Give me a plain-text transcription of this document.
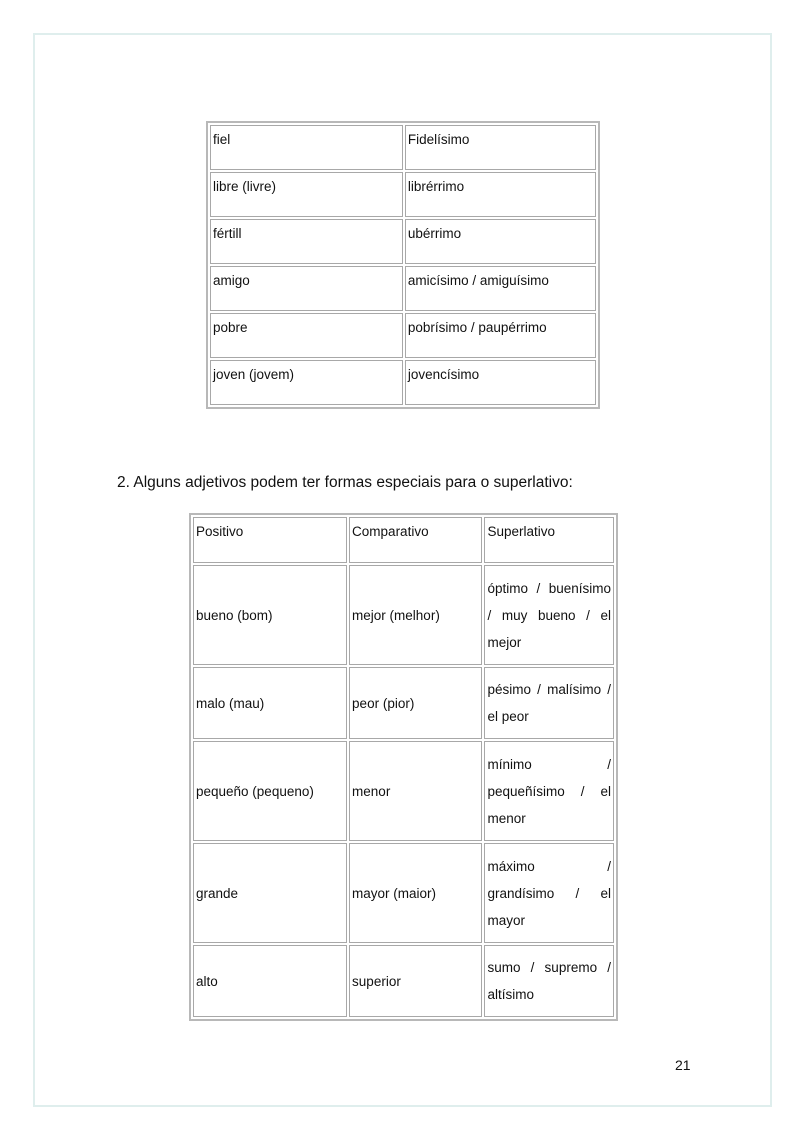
fiel	Fidelísimo
libre (livre)	librérrimo
fértill	ubérrimo
amigo	amicísimo / amiguísimo
pobre	pobrísimo / paupérrimo
joven (jovem)	jovencísimo

2. Alguns adjetivos podem ter formas especiais para o superlativo:

Positivo	Comparativo	Superlativo
bueno (bom)	mejor (melhor)	óptimo / buenísimo
/ muy bueno / el
mejor

malo (mau)	peor (pior)	pésimo / malísimo /
el peor

pequeño (pequeno)	menor	mínimo /
pequeñísimo / el
menor

grande	mayor (maior)	máximo /
grandísimo / el
mayor

alto	superior	sumo / supremo /
altísimo

21
